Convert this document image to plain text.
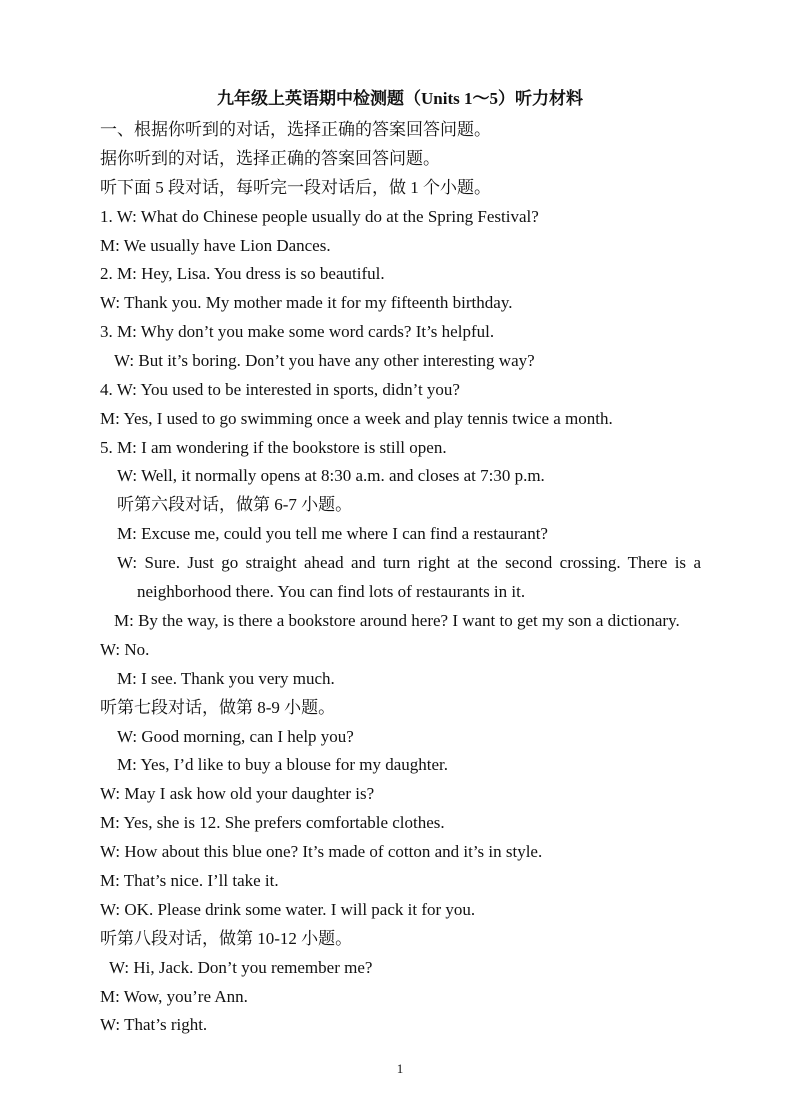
九年级上英语期中检测题（Units 1～5）听力材料
一、根据你听到的对话，选择正确的答案回答问题。
据你听到的对话，选择正确的答案回答问题。
听下面 5 段对话，每听完一段对话后，做 1 个小题。
1. W: What do Chinese people usually do at the Spring Festival?
M: We usually have Lion Dances.
2. M: Hey, Lisa. You dress is so beautiful.
W: Thank you. My mother made it for my fifteenth birthday.
3. M: Why don’t you make some word cards? It’s helpful.
W: But it’s boring. Don’t you have any other interesting way?
4. W: You used to be interested in sports, didn’t you?
M: Yes, I used to go swimming once a week and play tennis twice a month.
5. M: I am wondering if the bookstore is still open.
W: Well, it normally opens at 8:30 a.m. and closes at 7:30 p.m.
听第六段对话，做第 6-7 小题。
M: Excuse me, could you tell me where I can find a restaurant?
W: Sure. Just go straight ahead and turn right at the second crossing. There is a
neighborhood there. You can find lots of restaurants in it.
M: By the way, is there a bookstore around here? I want to get my son a dictionary.
W: No.
M: I see. Thank you very much.
听第七段对话，做第 8-9 小题。
W: Good morning, can I help you?
M: Yes, I’d like to buy a blouse for my daughter.
W: May I ask how old your daughter is?
M: Yes, she is 12. She prefers comfortable clothes.
W: How about this blue one? It’s made of cotton and it’s in style.
M: That’s nice. I’ll take it.
W: OK. Please drink some water. I will pack it for you.
听第八段对话，做第 10-12 小题。
W: Hi, Jack. Don’t you remember me?
M: Wow, you’re Ann.
W: That’s right.
1
